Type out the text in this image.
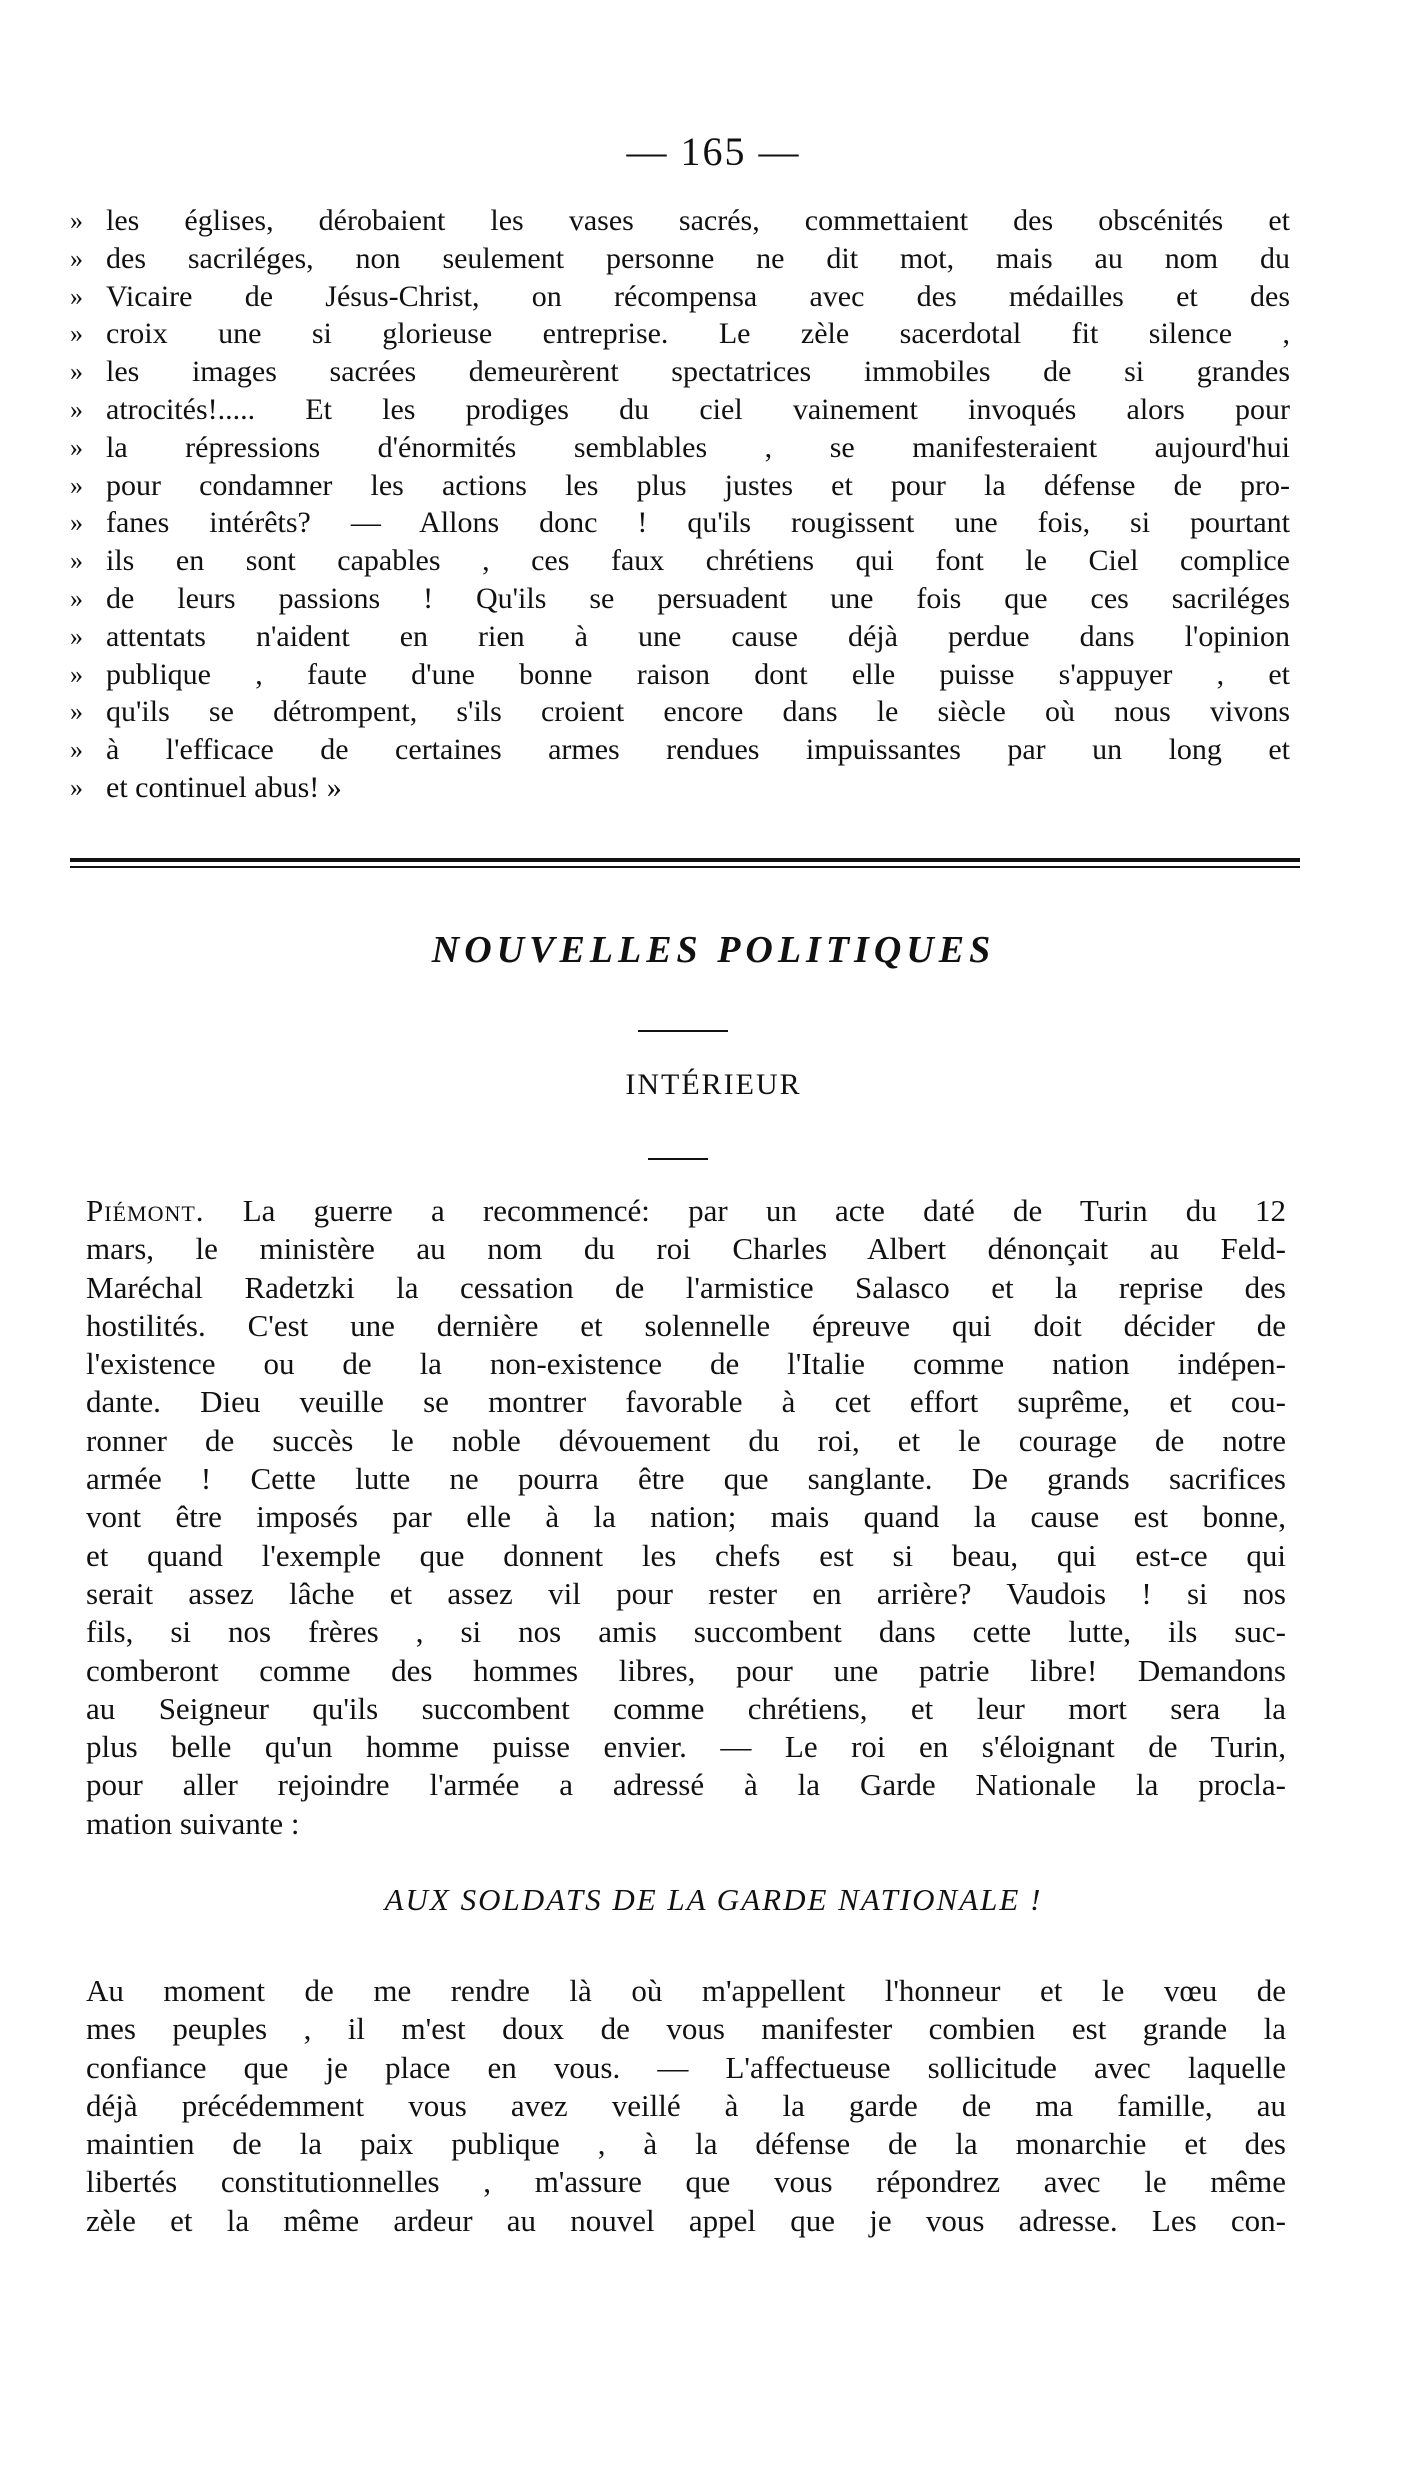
— 165 —
» les églises, dérobaient les vases sacrés, commettaient des obscénités et
» des sacriléges, non seulement personne ne dit mot, mais au nom du
» Vicaire de Jésus-Christ, on récompensa avec des médailles et des
» croix une si glorieuse entreprise. Le zèle sacerdotal fit silence ,
» les images sacrées demeurèrent spectatrices immobiles de si grandes
» atrocités!..... Et les prodiges du ciel vainement invoqués alors pour
» la répressions d'énormités semblables , se manifesteraient aujourd'hui
» pour condamner les actions les plus justes et pour la défense de pro-
» fanes intérêts? — Allons donc ! qu'ils rougissent une fois, si pourtant
» ils en sont capables , ces faux chrétiens qui font le Ciel complice
» de leurs passions ! Qu'ils se persuadent une fois que ces sacriléges
» attentats n'aident en rien à une cause déjà perdue dans l'opinion
» publique , faute d'une bonne raison dont elle puisse s'appuyer , et
» qu'ils se détrompent, s'ils croient encore dans le siècle où nous vivons
» à l'efficace de certaines armes rendues impuissantes par un long et
» et continuel abus! »
NOUVELLES POLITIQUES
INTÉRIEUR
Piémont. La guerre a recommencé: par un acte daté de Turin du 12
mars, le ministère au nom du roi Charles Albert dénonçait au Feld-
Maréchal Radetzki la cessation de l'armistice Salasco et la reprise des
hostilités. C'est une dernière et solennelle épreuve qui doit décider de
l'existence ou de la non-existence de l'Italie comme nation indépen-
dante. Dieu veuille se montrer favorable à cet effort suprême, et cou-
ronner de succès le noble dévouement du roi, et le courage de notre
armée ! Cette lutte ne pourra être que sanglante. De grands sacrifices
vont être imposés par elle à la nation; mais quand la cause est bonne,
et quand l'exemple que donnent les chefs est si beau, qui est-ce qui
serait assez lâche et assez vil pour rester en arrière? Vaudois ! si nos
fils, si nos frères , si nos amis succombent dans cette lutte, ils suc-
comberont comme des hommes libres, pour une patrie libre! Demandons
au Seigneur qu'ils succombent comme chrétiens, et leur mort sera la
plus belle qu'un homme puisse envier. — Le roi en s'éloignant de Turin,
pour aller rejoindre l'armée a adressé à la Garde Nationale la procla-
mation suivante :
AUX SOLDATS DE LA GARDE NATIONALE !
Au moment de me rendre là où m'appellent l'honneur et le vœu de
mes peuples , il m'est doux de vous manifester combien est grande la
confiance que je place en vous. — L'affectueuse sollicitude avec laquelle
déjà précédemment vous avez veillé à la garde de ma famille, au
maintien de la paix publique , à la défense de la monarchie et des
libertés constitutionnelles , m'assure que vous répondrez avec le même
zèle et la même ardeur au nouvel appel que je vous adresse. Les con-
